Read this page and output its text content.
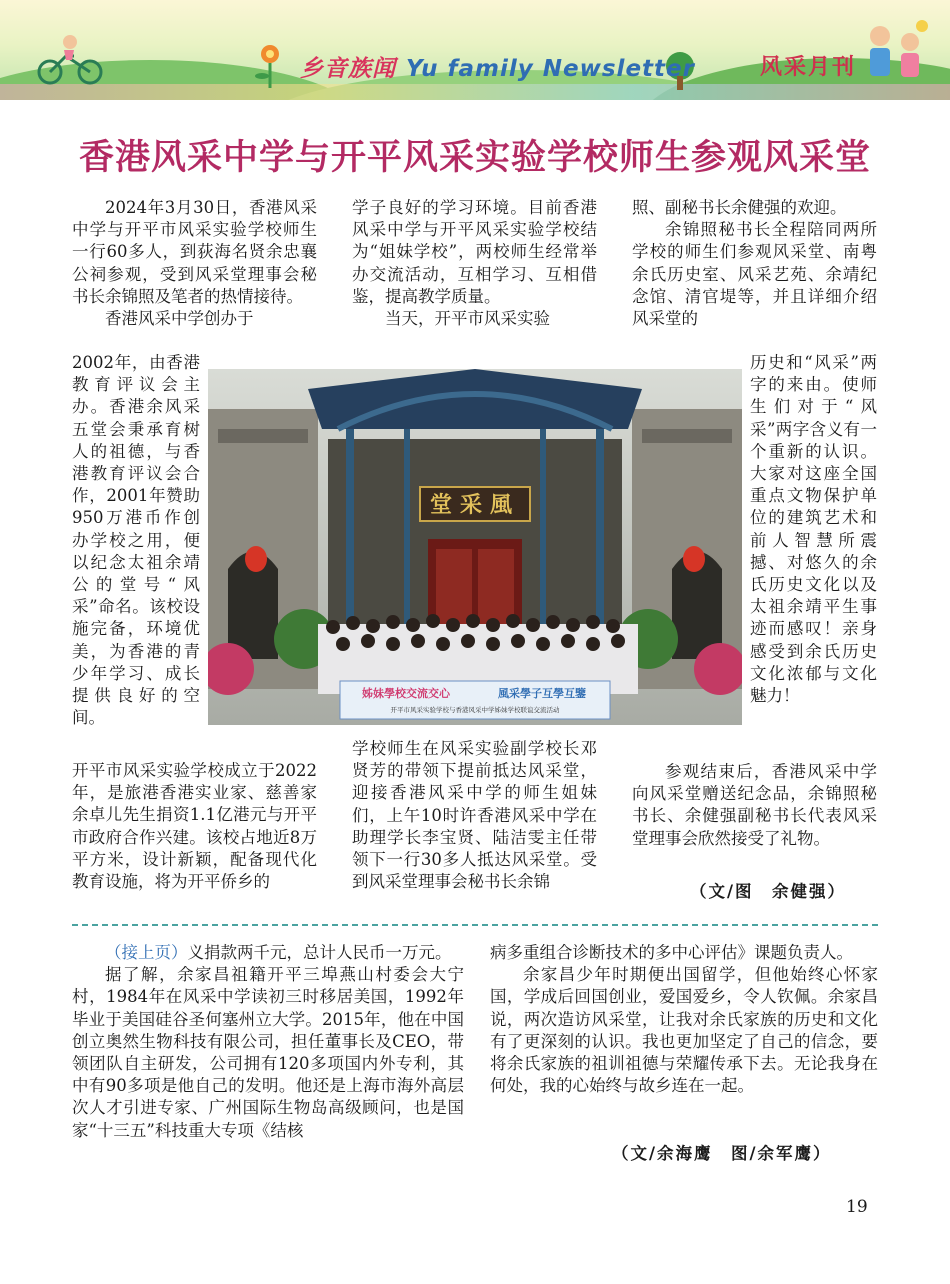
乡音族闻 Yu family Newsletter	风采月刊
香港风采中学与开平风采实验学校师生参观风采堂

2024年3月30日，香港风采中学与开平市风采实验学校师生一行60多人，到荻海名贤余忠襄公祠参观，受到风采堂理事会秘书长余锦照及笔者的热情接待。

香港风采中学创办于

2002年，由香港教育评议会主办。香港余风采五堂会秉承育树人的祖德，与香港教育评议会合作，2001年赞助950万港币作创办学校之用，便以纪念太祖余靖公的堂号“风采”命名。该校设施完备，环境优美，为香港的青少年学习、成长提供良好的空间。

开平市风采实验学校成立于2022年，是旅港香港实业家、慈善家余卓儿先生捐资1.1亿港元与开平市政府合作兴建。该校占地近8万平方米，设计新颖，配备现代化教育设施，将为开平侨乡的

学子良好的学习环境。目前香港风采中学与开平风采实验学校结为“姐妹学校”，两校师生经常举办交流活动，互相学习、互相借鉴，提高教学质量。

当天，开平市风采实验

学校师生在风采实验副学校长邓贤芳的带领下提前抵达风采堂，迎接香港风采中学的师生姐妹们，上午10时许香港风采中学在助理学长李宝贤、陆洁雯主任带领下一行30多人抵达风采堂。受到风采堂理事会秘书长余锦

照、副秘书长余健强的欢迎。

余锦照秘书长全程陪同两所学校的师生们参观风采堂、南粤余氏历史室、风采艺苑、余靖纪念馆、清官堤等，并且详细介绍风采堂的

历史和“风采”两字的来由。使师生们对于“风采”两字含义有一个重新的认识。大家对这座全国重点文物保护单位的建筑艺术和前人智慧所震撼、对悠久的余氏历史文化以及太祖余靖平生事迹而感叹！亲身感受到余氏历史文化浓郁与文化魅力！

参观结束后，香港风采中学向风采堂赠送纪念品，余锦照秘书长、余健强副秘书长代表风采堂理事会欣然接受了礼物。

（文/图　余健强）
堂采風
姊妹學校交流交心	風采學子互學互鑒
开平市风采实验学校与香港风采中学姊妹学校联谊交流活动

（接上页）义捐款两千元，总计人民币一万元。

据了解，余家昌祖籍开平三埠燕山村委会大宁村，1984年在风采中学读初三时移居美国，1992年毕业于美国硅谷圣何塞州立大学。2015年，他在中国创立奥然生物科技有限公司，担任董事长及CEO，带领团队自主研发，公司拥有120多项国内外专利，其中有90多项是他自己的发明。他还是上海市海外高层次人才引进专家、广州国际生物岛高级顾问，也是国家“十三五”科技重大专项《结核

病多重组合诊断技术的多中心评估》课题负责人。

余家昌少年时期便出国留学，但他始终心怀家国，学成后回国创业，爱国爱乡，令人钦佩。余家昌说，两次造访风采堂，让我对余氏家族的历史和文化有了更深刻的认识。我也更加坚定了自己的信念，要将余氏家族的祖训祖德与荣耀传承下去。无论我身在何处，我的心始终与故乡连在一起。

（文/余海鹰　图/余军鹰）
19
